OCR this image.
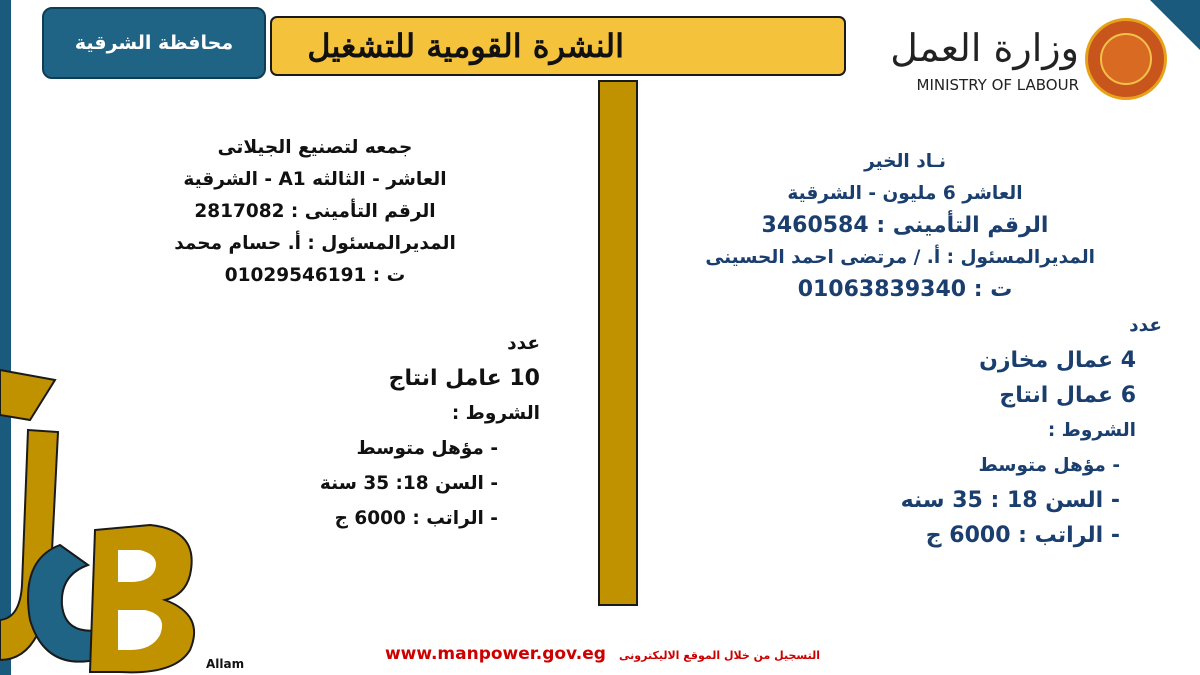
محافظة الشرقية النشرة القومية للتشغيل	وزارة العمل
MINISTRY OF LABOUR
جمعه لتصنيع الجيلاتى
العاشر - الثالثه A1 - الشرقية
الرقم التأمينى : 2817082
المديرالمسئول : أ. حسام محمد
ت : 01029546191
عدد
10 عامل انتاج
الشروط :
- مؤهل متوسط
- السن 18: 35 سنة
- الراتب : 6000 ج
نـاد الخير
العاشر 6 مليون - الشرقية
الرقم التأمينى : 3460584
المديرالمسئول : أ. / مرتضى احمد الحسينى
ت : 01063839340
عدد
4 عمال مخازن
6 عمال انتاج
الشروط :
- مؤهل متوسط
- السن 18 : 35 سنه
- الراتب : 6000 ج
التسجيل من خلال الموقع الاليكترونى www.manpower.gov.eg
Allam
